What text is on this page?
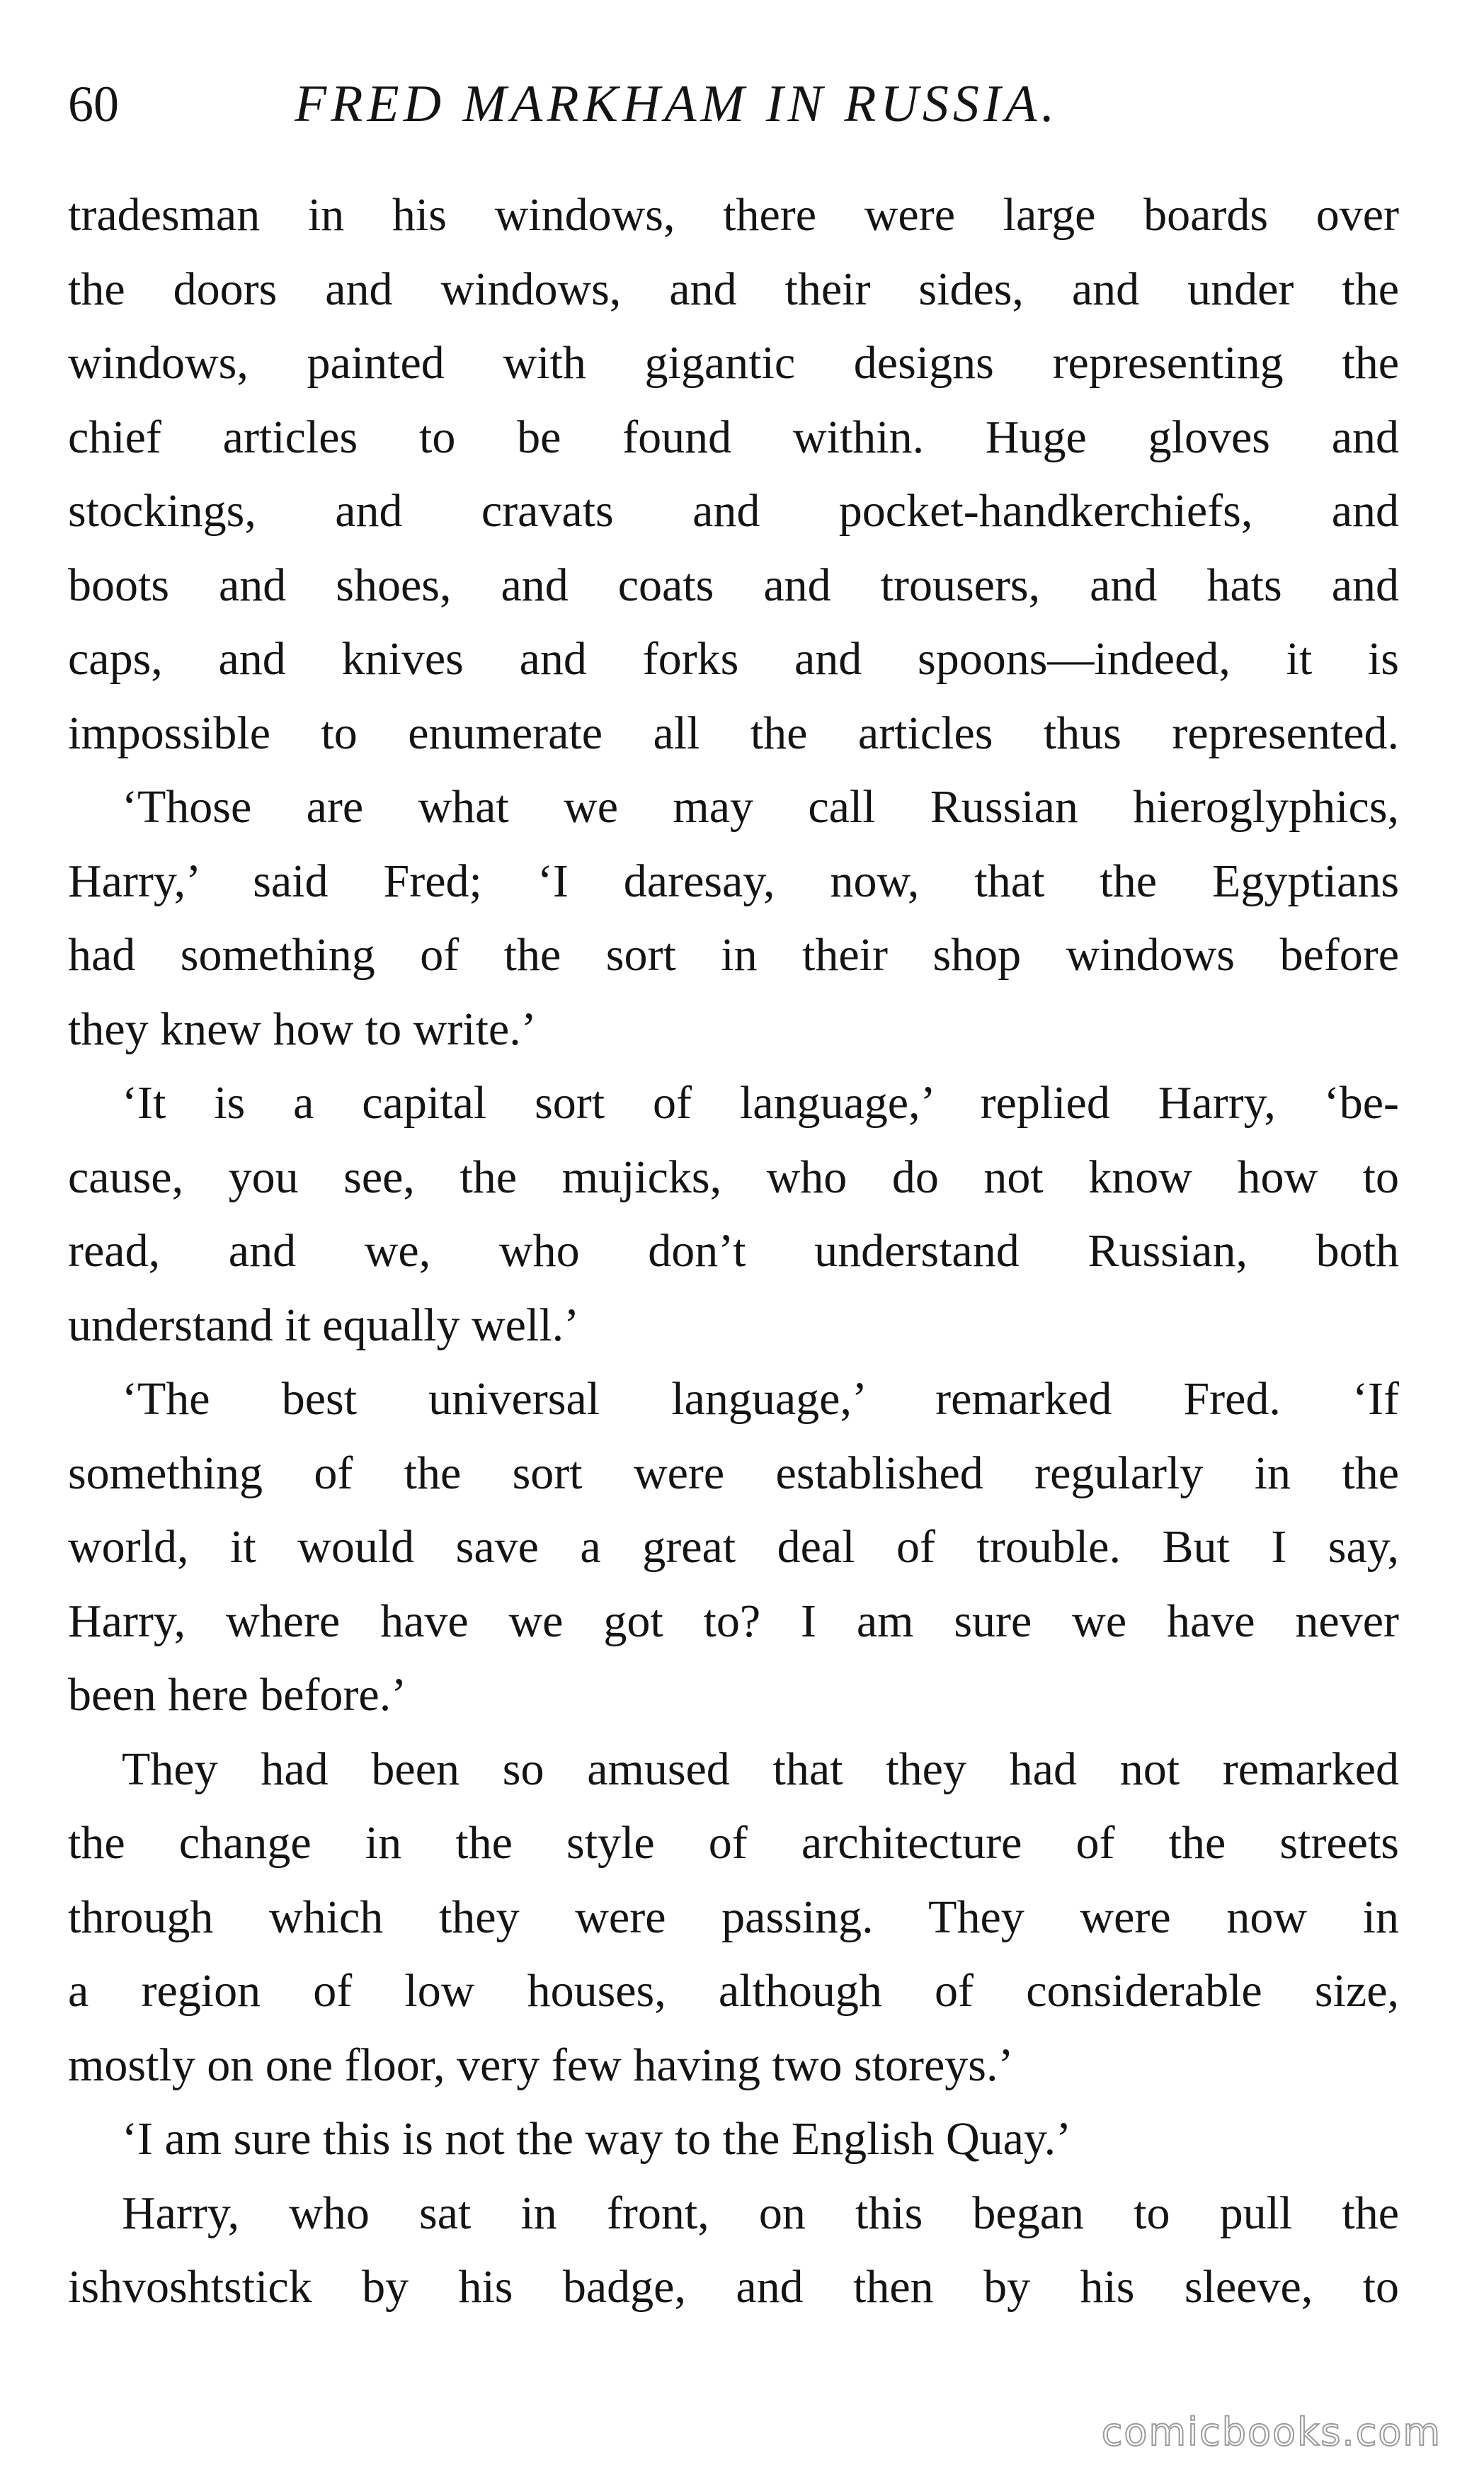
60	FRED MARKHAM IN RUSSIA.
tradesman in his windows, there were large boards over
the doors and windows, and their sides, and under the
windows, painted with gigantic designs representing the
chief articles to be found within. Huge gloves and
stockings, and cravats and pocket-handkerchiefs, and
boots and shoes, and coats and trousers, and hats and
caps, and knives and forks and spoons—indeed, it is
impossible to enumerate all the articles thus represented.
‘Those are what we may call Russian hieroglyphics,
Harry,’ said Fred; ‘I daresay, now, that the Egyptians
had something of the sort in their shop windows before
they knew how to write.’
‘It is a capital sort of language,’ replied Harry, ‘be-
cause, you see, the mujicks, who do not know how to
read, and we, who don’t understand Russian, both
understand it equally well.’
‘The best universal language,’ remarked Fred. ‘If
something of the sort were established regularly in the
world, it would save a great deal of trouble. But I say,
Harry, where have we got to? I am sure we have never
been here before.’
They had been so amused that they had not remarked
the change in the style of architecture of the streets
through which they were passing. They were now in
a region of low houses, although of considerable size,
mostly on one floor, very few having two storeys.’
‘I am sure this is not the way to the English Quay.’
Harry, who sat in front, on this began to pull the
ishvoshtstick by his badge, and then by his sleeve, to
comicbooks.com
